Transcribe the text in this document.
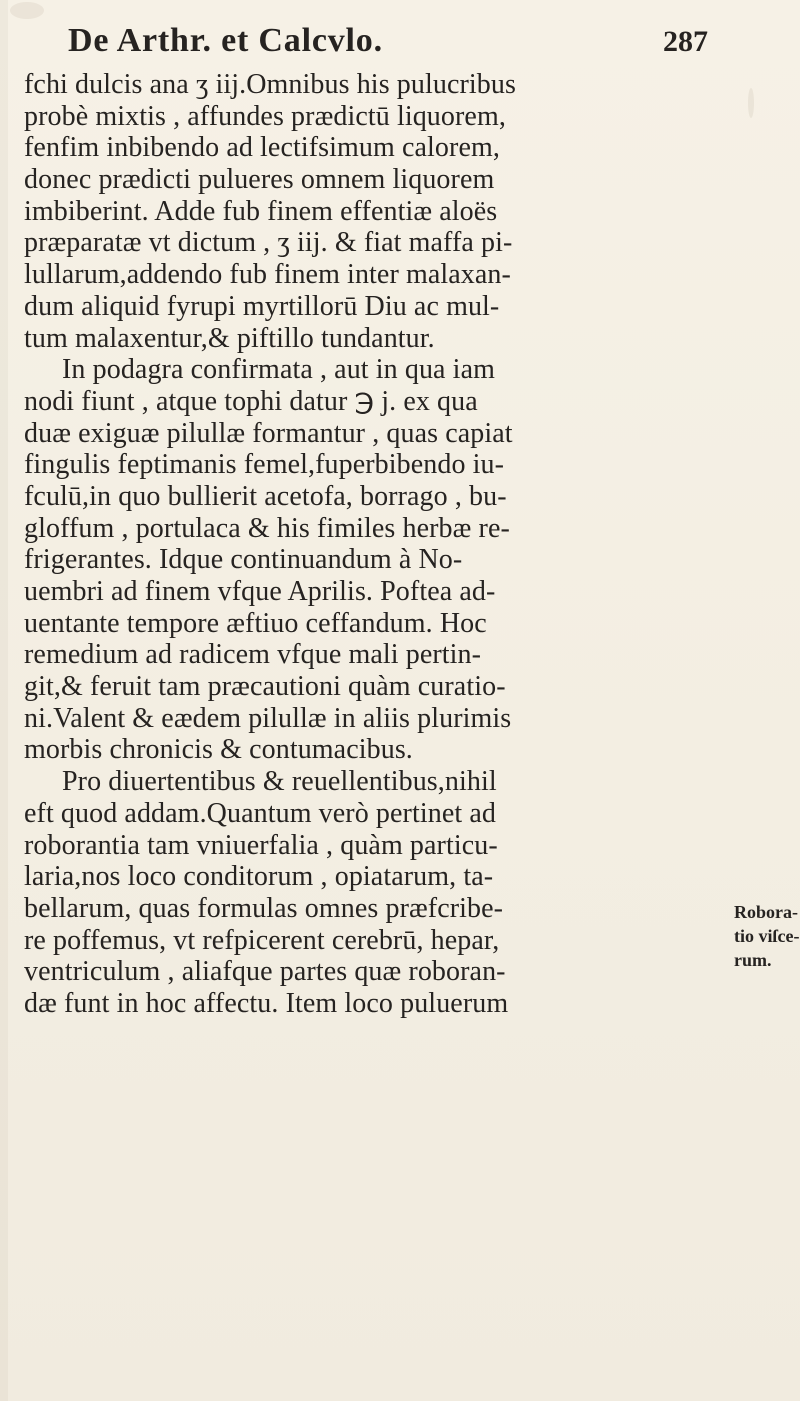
De Arthr. et Calcvlo.	287
fchi dulcis ana ʒ iij.Omnibus his pulucribus
probè mixtis , affundes prædictū liquorem,
fenfim inbibendo ad lectifsimum calorem,
donec prædicti pulueres omnem liquorem
imbiberint. Adde fub finem effentiæ aloës
præparatæ vt dictum , ʒ iij. & fiat maffa pi-
lullarum,addendo fub finem inter malaxan-
dum aliquid fyrupi myrtillorū Diu ac mul-
tum malaxentur,& piftillo tundantur.
In podagra confirmata , aut in qua iam
nodi fiunt , atque tophi datur ℈ j. ex qua
duæ exiguæ pilullæ formantur , quas capiat
fingulis feptimanis femel,fuperbibendo iu-
fculū,in quo bullierit acetofa, borrago , bu-
gloffum , portulaca & his fimiles herbæ re-
frigerantes. Idque continuandum à No-
uembri ad finem vfque Aprilis. Poftea ad-
uentante tempore æftiuo ceffandum. Hoc
remedium ad radicem vfque mali pertin-
git,& feruit tam præcautioni quàm curatio-
ni.Valent & eædem pilullæ in aliis plurimis
morbis chronicis & contumacibus.
Pro diuertentibus & reuellentibus,nihil
eft quod addam.Quantum verò pertinet ad
roborantia tam vniuerfalia , quàm particu-
laria,nos loco conditorum , opiatarum, ta-
bellarum, quas formulas omnes præfcribe-
re poffemus, vt refpicerent cerebrū, hepar,
ventriculum , aliafque partes quæ roboran-
dæ funt in hoc affectu. Item loco puluerum
Robora-
tio viſce-
rum.
